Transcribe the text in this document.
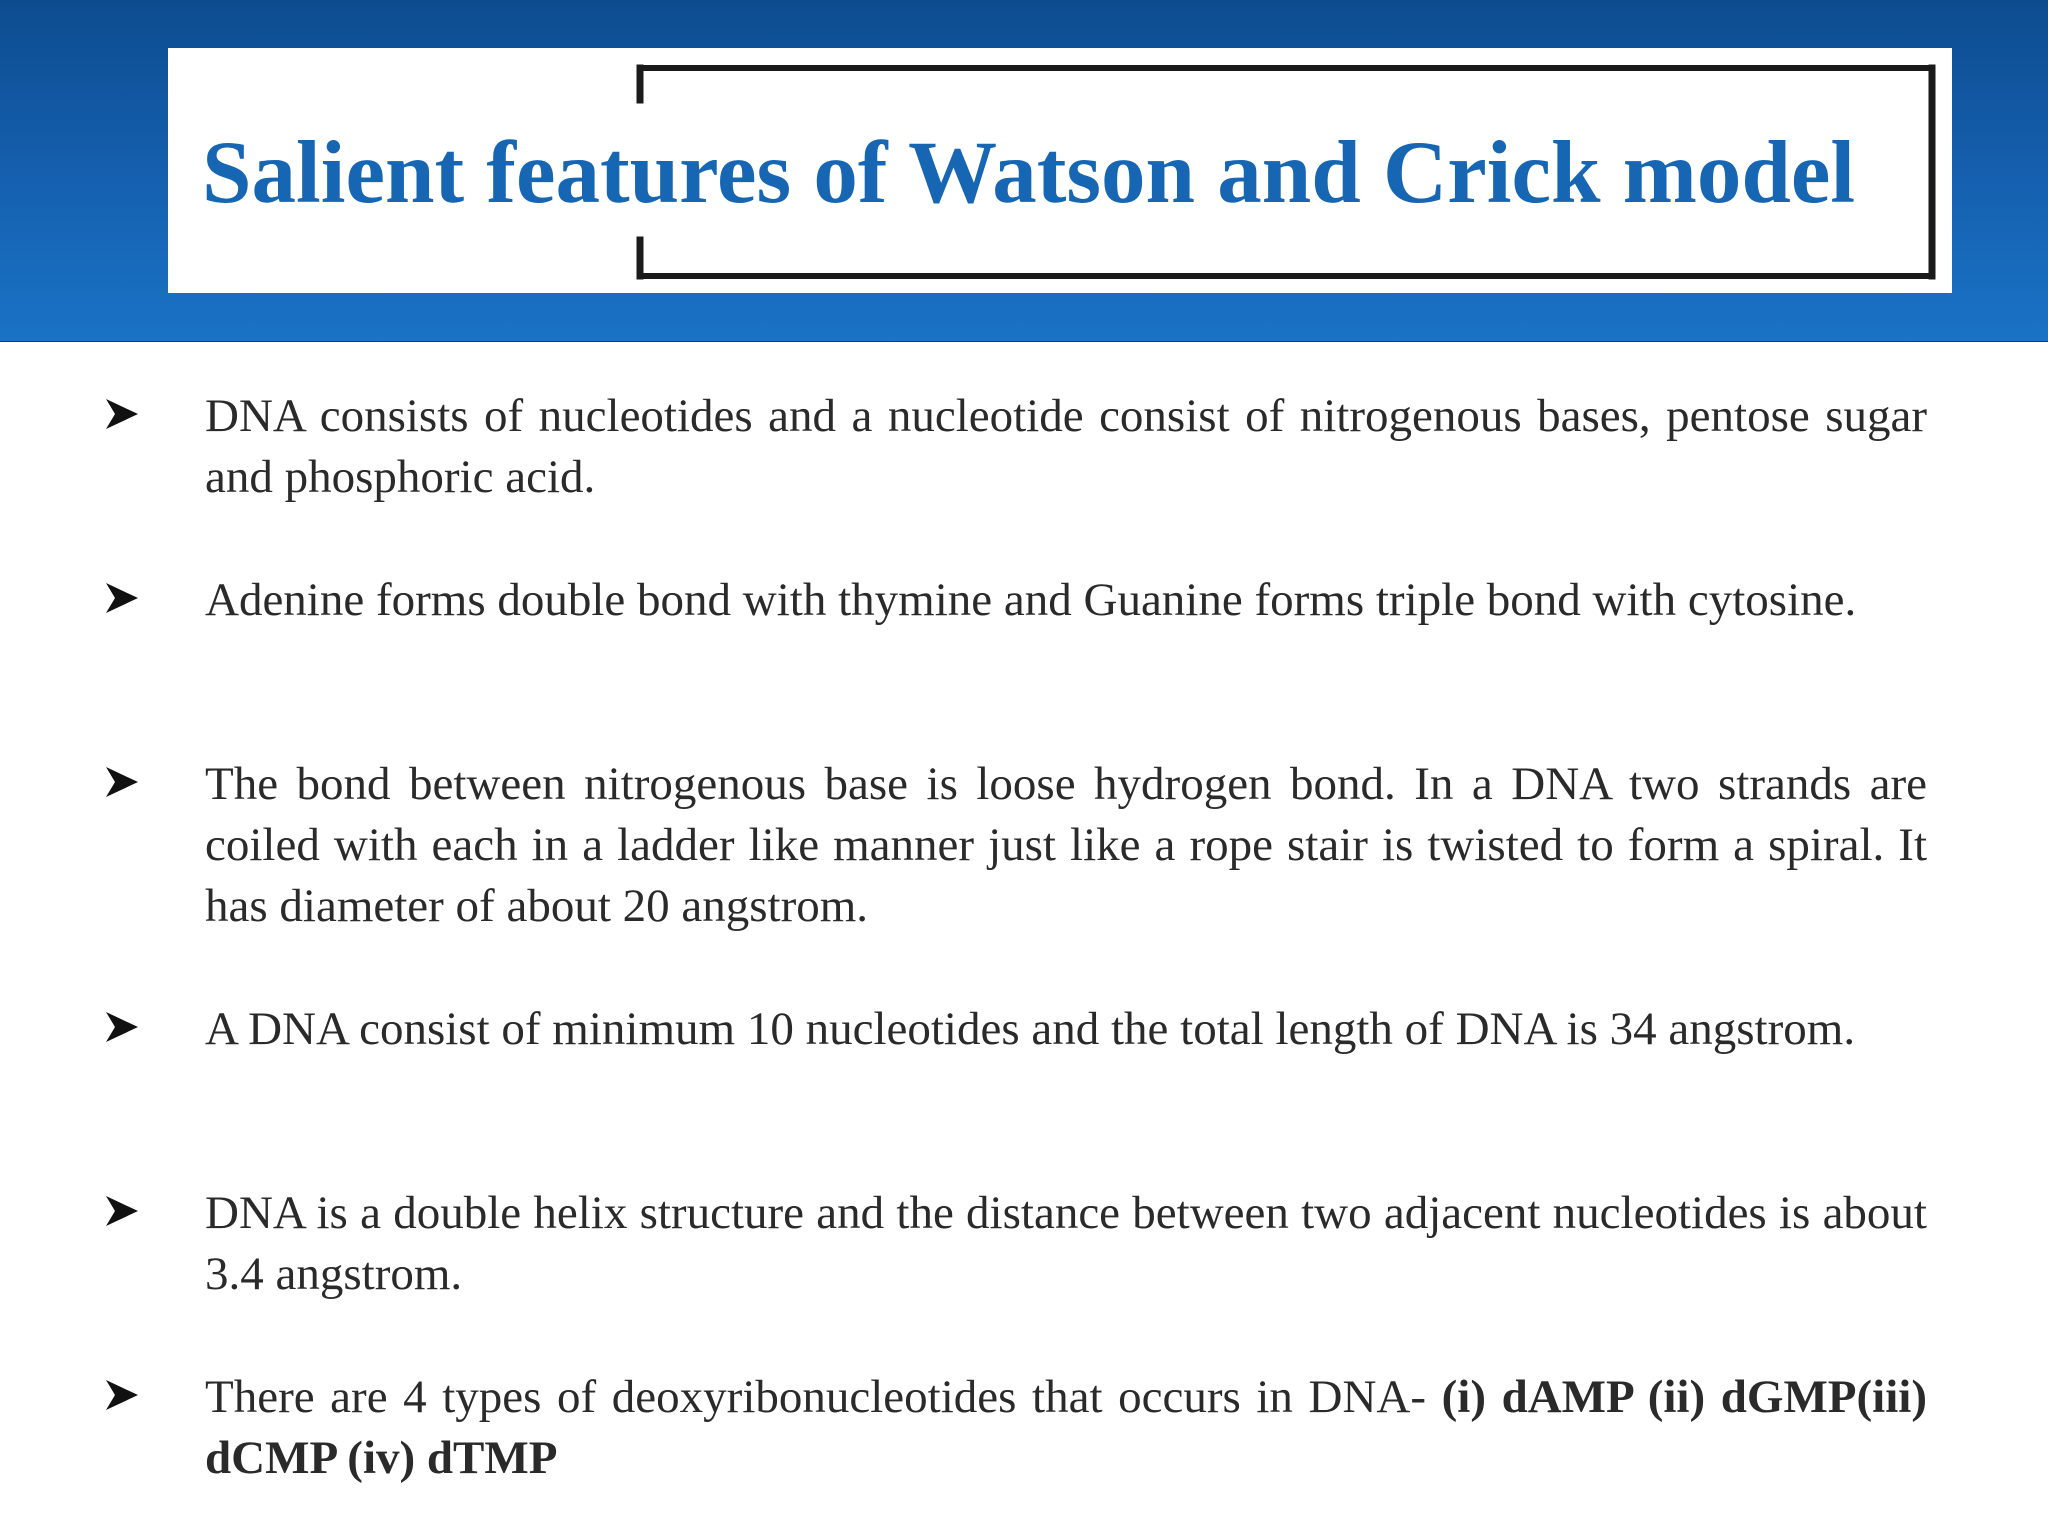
Salient features of Watson and Crick model

DNA consists of nucleotides and a nucleotide consist of nitrogenous bases, pentose sugar and phosphoric acid.

Adenine forms double bond with thymine and Guanine forms triple bond with cytosine.

The bond between nitrogenous base is loose hydrogen bond. In a DNA two strands are coiled with each in a ladder like manner just like a rope stair is twisted to form a spiral. It has diameter of about 20 angstrom.

A DNA consist of minimum 10 nucleotides and the total length of DNA is 34 angstrom.

DNA is a double helix structure and the distance between two adjacent nucleotides is about 3.4 angstrom.

There are 4 types of deoxyribonucleotides that occurs in DNA- (i) dAMP (ii) dGMP(iii) dCMP (iv) dTMP
